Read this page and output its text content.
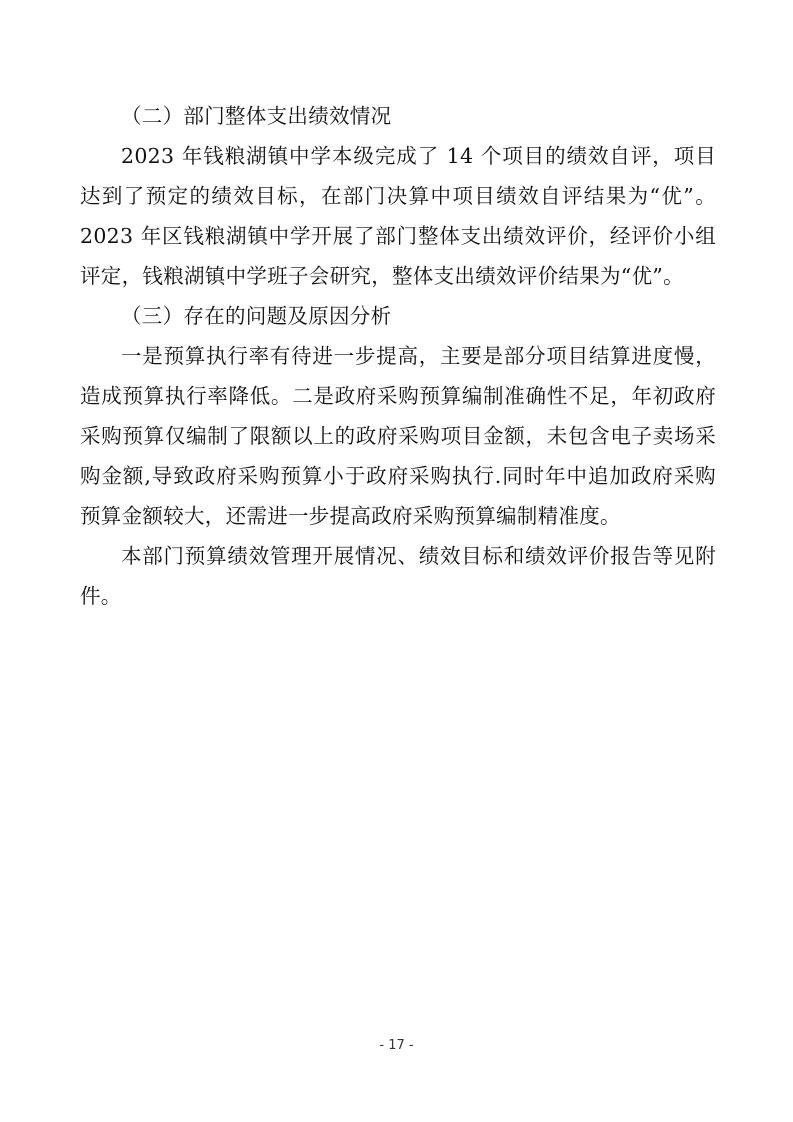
（二）部门整体支出绩效情况

2023 年钱粮湖镇中学本级完成了 14 个项目的绩效自评，项目达到了预定的绩效目标，在部门决算中项目绩效自评结果为“优”。2023 年区钱粮湖镇中学开展了部门整体支出绩效评价，经评价小组评定，钱粮湖镇中学班子会研究，整体支出绩效评价结果为“优”。

（三）存在的问题及原因分析

一是预算执行率有待进一步提高，主要是部分项目结算进度慢，造成预算执行率降低。二是政府采购预算编制准确性不足，年初政府采购预算仅编制了限额以上的政府采购项目金额，未包含电子卖场采购金额,导致政府采购预算小于政府采购执行.同时年中追加政府采购预算金额较大，还需进一步提高政府采购预算编制精准度。

本部门预算绩效管理开展情况、绩效目标和绩效评价报告等见附件。

- 17 -
